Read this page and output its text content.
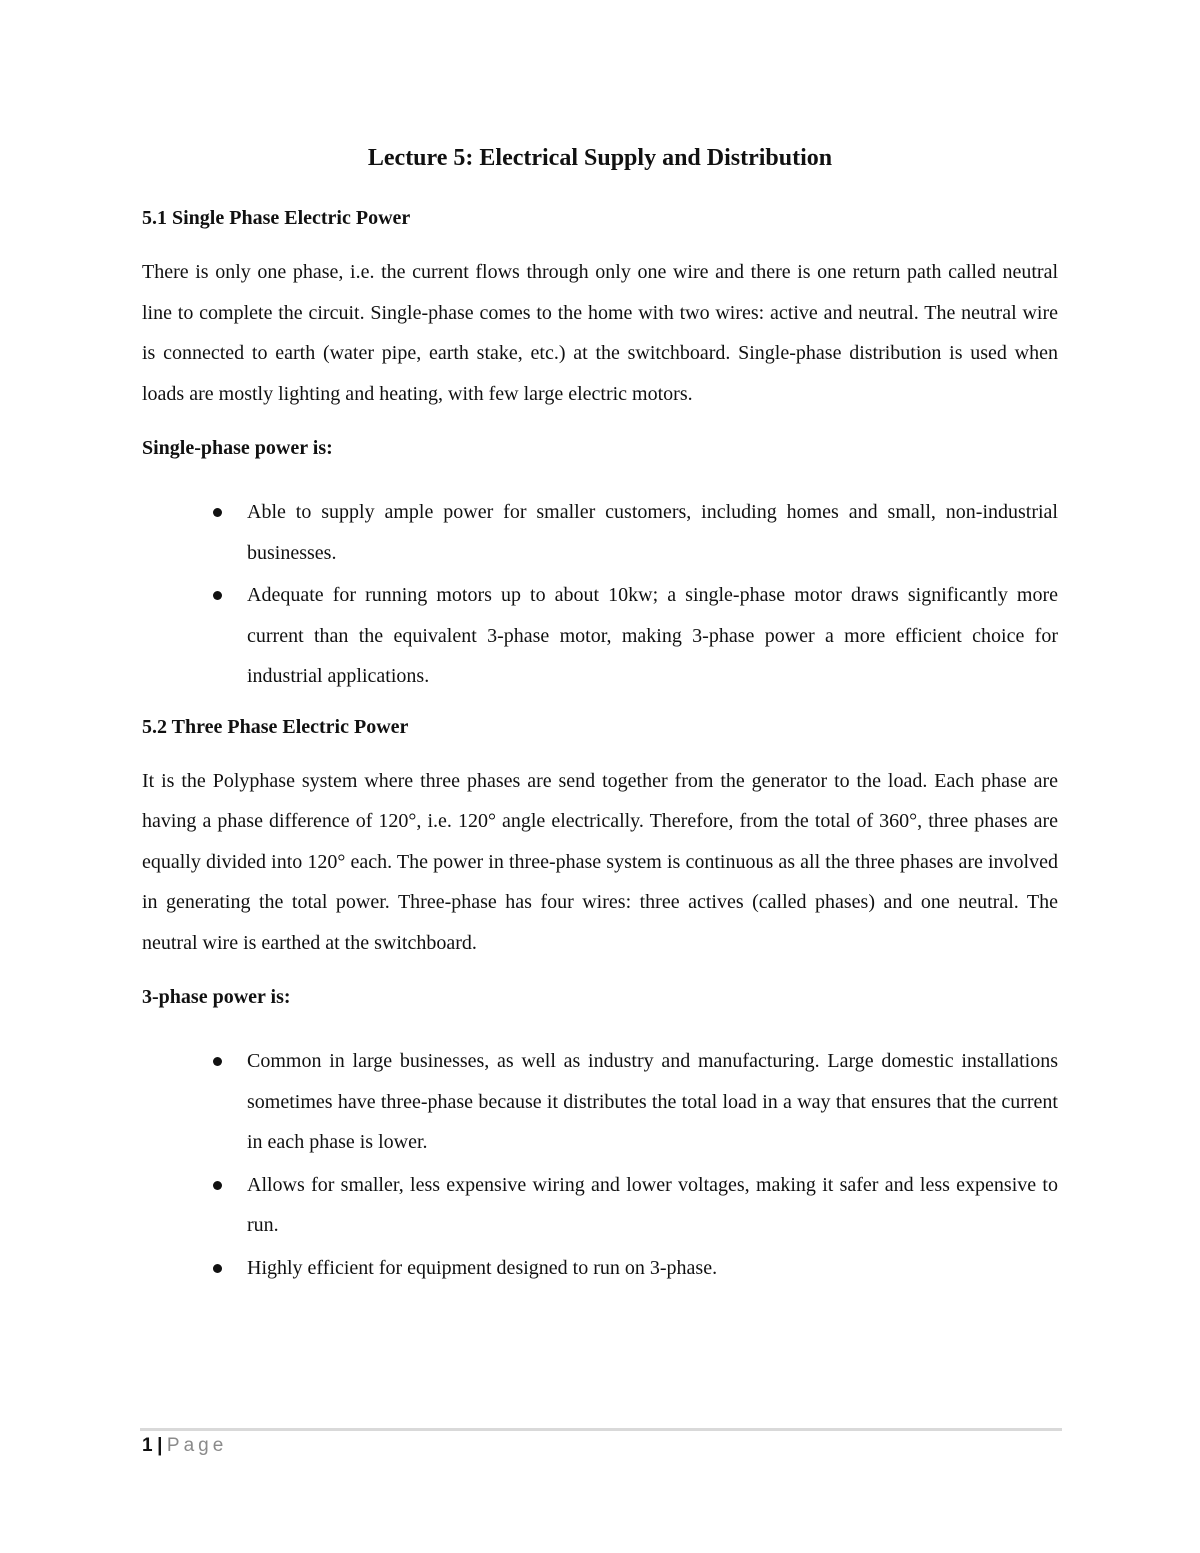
Lecture 5: Electrical Supply and Distribution
5.1 Single Phase Electric Power

There is only one phase, i.e. the current flows through only one wire and there is one return path called neutral line to complete the circuit. Single-phase comes to the home with two wires: active and neutral. The neutral wire is connected to earth (water pipe, earth stake, etc.) at the switchboard. Single-phase distribution is used when loads are mostly lighting and heating, with few large electric motors.

Single-phase power is:
Able to supply ample power for smaller customers, including homes and small, non-industrial businesses.
Adequate for running motors up to about 10kw; a single-phase motor draws significantly more current than the equivalent 3-phase motor, making 3-phase power a more efficient choice for industrial applications.
5.2 Three Phase Electric Power

It is the Polyphase system where three phases are send together from the generator to the load. Each phase are having a phase difference of 120°, i.e. 120° angle electrically. Therefore, from the total of 360°, three phases are equally divided into 120° each. The power in three-phase system is continuous as all the three phases are involved in generating the total power. Three-phase has four wires: three actives (called phases) and one neutral. The neutral wire is earthed at the switchboard.

3-phase power is:
Common in large businesses, as well as industry and manufacturing. Large domestic installations sometimes have three-phase because it distributes the total load in a way that ensures that the current in each phase is lower.
Allows for smaller, less expensive wiring and lower voltages, making it safer and less expensive to run.
Highly efficient for equipment designed to run on 3-phase.
1 | Page
